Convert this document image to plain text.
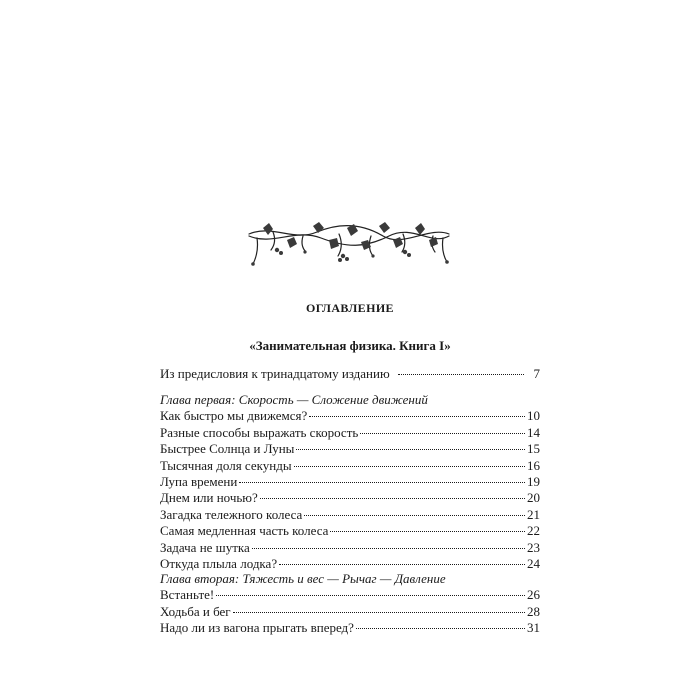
ОГЛАВЛЕНИЕ
«Занимательная физика. Книга I»
Из предисловия к тринадцатому изданию	7
Глава первая: Скорость — Сложение движений
Как быстро мы движемся?	10
Разные способы выражать скорость	14
Быстрее Солнца и Луны	15
Тысячная доля секунды	16
Лупа времени	19
Днем или ночью?	20
Загадка тележного колеса	21
Самая медленная часть колеса	22
Задача не шутка	23
Откуда плыла лодка?	24
Глава вторая: Тяжесть и вес — Рычаг — Давление
Встаньте!	26
Ходьба и бег	28
Надо ли из вагона прыгать вперед?	31
